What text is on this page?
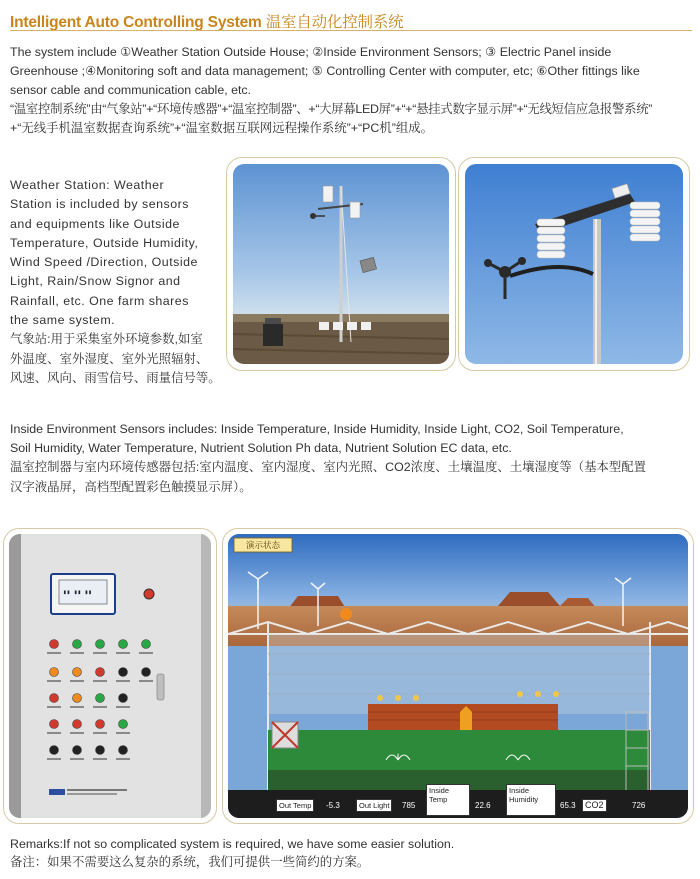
Intelligent Auto Controlling System 温室自动化控制系统

The system include ①Weather Station Outside House; ②Inside Environment Sensors; ③ Electric Panel inside

Greenhouse ;④Monitoring soft and data management; ⑤ Controlling Center with computer, etc; ⑥Other fittings like

sensor cable and communication cable, etc.

“温室控制系统”由“气象站”+“环境传感器”+“温室控制器”、+“大屏幕LED屏”+“+“悬挂式数字显示屏”+“无线短信应急报警系统”

+“无线手机温室数据查询系统”+“温室数据互联网远程操作系统”+“PC机”组成。

Weather Station: Weather

Station is included by sensors

and equipments like Outside

Temperature, Outside Humidity,

Wind Speed /Direction, Outside

Light, Rain/Snow Signor and

Rainfall, etc. One farm shares

the same system.

气象站:用于采集室外环境参数,如室

外温度、室外湿度、室外光照辐射、

风速、风向、雨雪信号、雨量信号等。

Inside Environment Sensors includes: Inside Temperature, Inside Humidity, Inside Light, CO2, Soil Temperature,

Soil Humidity, Water Temperature, Nutrient Solution Ph data, Nutrient Solution EC data, etc.

温室控制器与室内环境传感器包括:室内温度、室内湿度、室内光照、CO2浓度、土壤温度、土壤湿度等（基本型配置

汉字液晶屏，高档型配置彩色触摸显示屏）。

▮▮ ▮▮ ▮▮
演示状态
Out Temp	-5.3	Out Light	785
Inside Temp
22.6
Inside Humidity
65.3	CO2	726

Remarks:If not so complicated system is required, we have some easier solution.

备注：如果不需要这么复杂的系统，我们可提供一些简约的方案。
